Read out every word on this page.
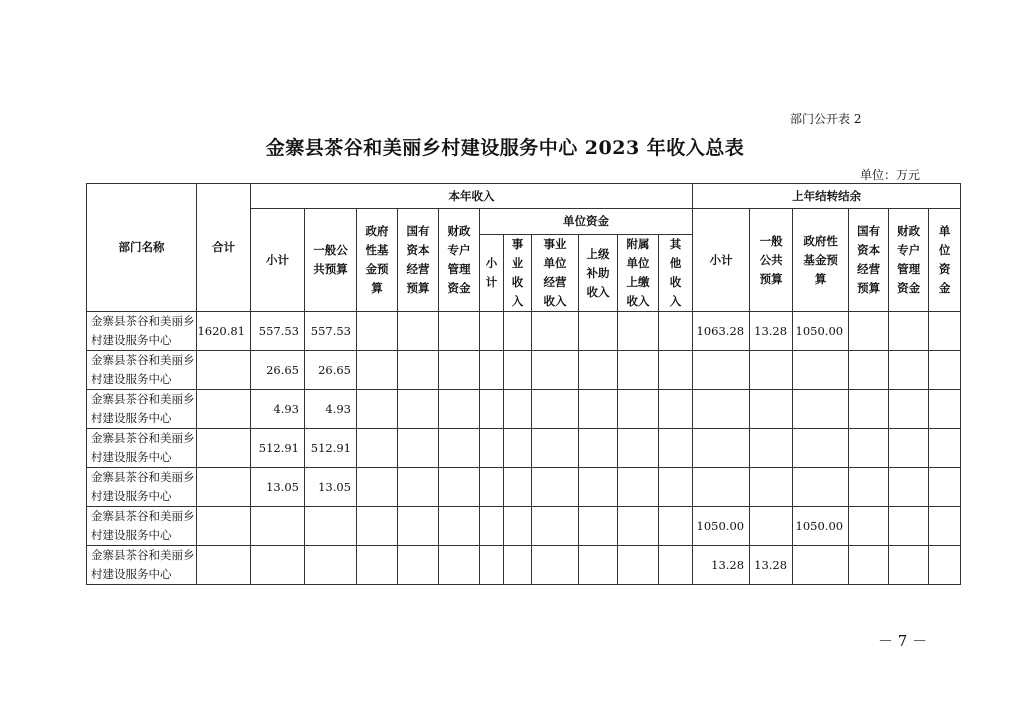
部门公开表 2
金寨县茶谷和美丽乡村建设服务中心 2023 年收入总表
单位：万元
部门名称	合计	本年收入											上年结转结余					
		小计	一般公共预算	政府性基金预算	国有资本经营预算	财政专户管理资金	单位资金						小计	一般公共预算	政府性基金预算	国有资本经营预算	财政专户管理资金	单位资金
							小计	事业收入	事业单位经营收入	上级补助收入	附属单位上缴收入	其他收入						
金寨县茶谷和美丽乡村建设服务中心	1620.81	557.53	557.53										1063.28	13.28	1050.00			
金寨县茶谷和美丽乡村建设服务中心		26.65	26.65															
金寨县茶谷和美丽乡村建设服务中心		4.93	4.93															
金寨县茶谷和美丽乡村建设服务中心		512.91	512.91															
金寨县茶谷和美丽乡村建设服务中心		13.05	13.05															
金寨县茶谷和美丽乡村建设服务中心													1050.00		1050.00			
金寨县茶谷和美丽乡村建设服务中心													13.28	13.28				
－ 7 －
